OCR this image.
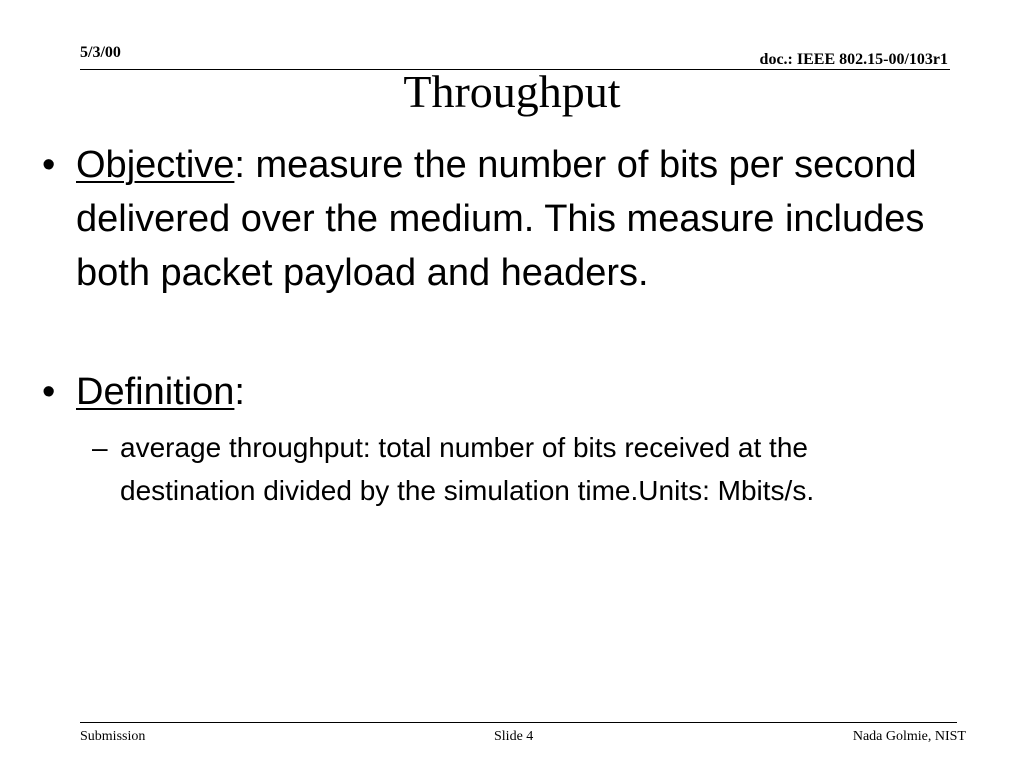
5/3/00	doc.: IEEE 802.15-00/103r1
Throughput
• Objective: measure the number of bits per second delivered over the medium. This measure includes both packet payload and headers.
• Definition:
– average throughput: total number of bits received at the destination divided by the simulation time.Units: Mbits/s.
Submission	Slide 4	Nada Golmie, NIST
